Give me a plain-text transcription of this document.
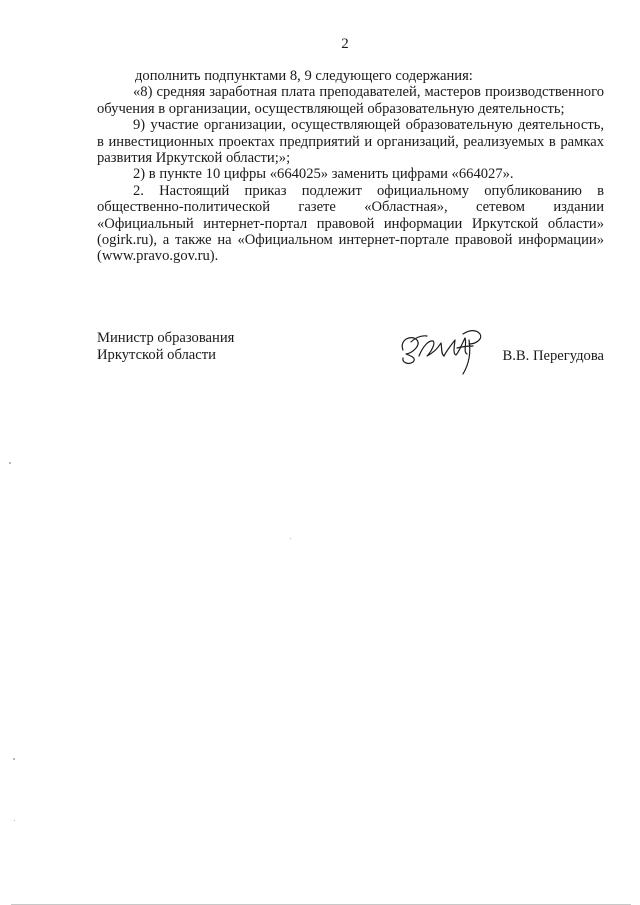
2

дополнить подпунктами 8, 9 следующего содержания:

«8) средняя заработная плата преподавателей, мастеров производственного обучения в организации, осуществляющей образовательную деятельность;

9) участие организации, осуществляющей образовательную деятельность, в инвестиционных проектах предприятий и организаций, реализуемых в рамках развития Иркутской области;»;

2) в пункте 10 цифры «664025» заменить цифрами «664027».

2. Настоящий приказ подлежит официальному опубликованию в общественно-политической газете «Областная», сетевом издании «Официальный интернет-портал правовой информации Иркутской области» (ogirk.ru), а также на «Официальном интернет-портале правовой информации» (www.pravo.gov.ru).

Министр образования
Иркутской области	В.В. Перегудова
